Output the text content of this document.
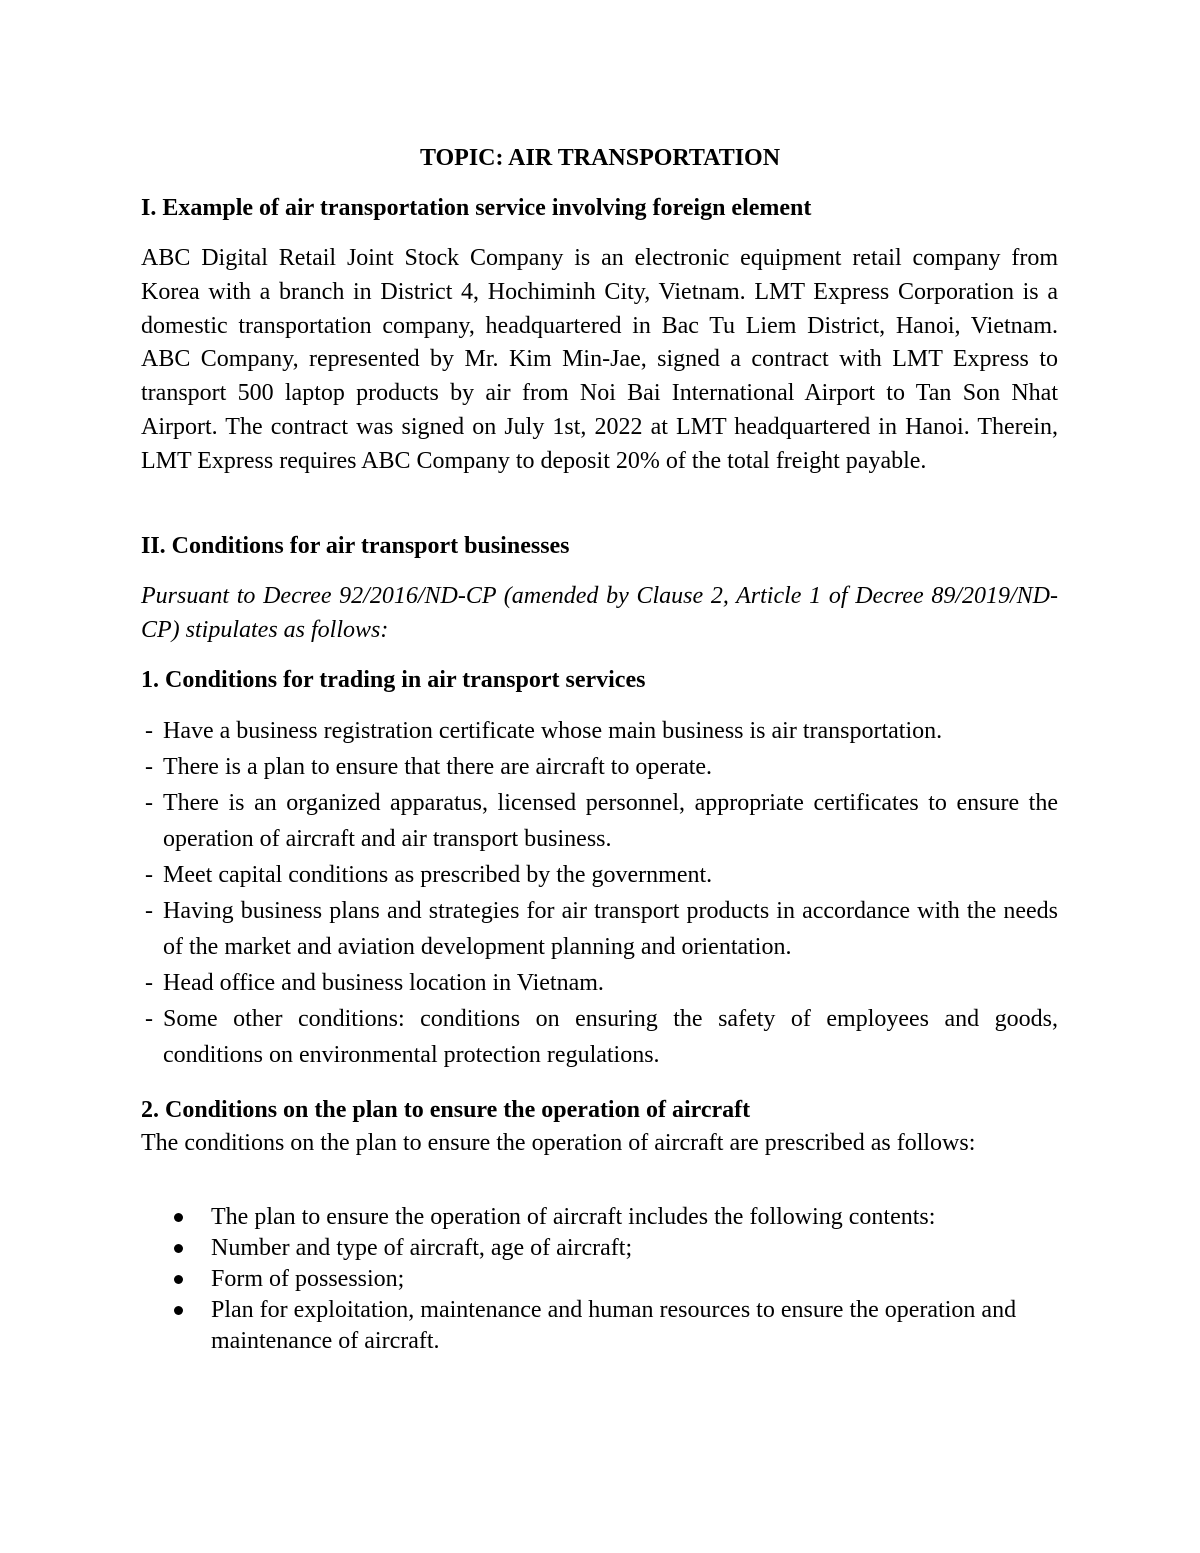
TOPIC: AIR TRANSPORTATION
I. Example of air transportation service involving foreign element
ABC Digital Retail Joint Stock Company is an electronic equipment retail company from Korea with a branch in District 4, Hochiminh City, Vietnam. LMT Express Corporation is a domestic transportation company, headquartered in Bac Tu Liem District, Hanoi, Vietnam. ABC Company, represented by Mr. Kim Min-Jae, signed a contract with LMT Express to transport 500 laptop products by air from Noi Bai International Airport to Tan Son Nhat Airport. The contract was signed on July 1st, 2022 at LMT headquartered in Hanoi. Therein, LMT Express requires ABC Company to deposit 20% of the total freight payable.
II. Conditions for air transport businesses
Pursuant to Decree 92/2016/ND-CP (amended by Clause 2, Article 1 of Decree 89/2019/ND-CP) stipulates as follows:
1. Conditions for trading in air transport services
- Have a business registration certificate whose main business is air transportation.
- There is a plan to ensure that there are aircraft to operate.
- There is an organized apparatus, licensed personnel, appropriate certificates to ensure the operation of aircraft and air transport business.
- Meet capital conditions as prescribed by the government.
- Having business plans and strategies for air transport products in accordance with the needs of the market and aviation development planning and orientation.
- Head office and business location in Vietnam.
- Some other conditions: conditions on ensuring the safety of employees and goods, conditions on environmental protection regulations.
2. Conditions on the plan to ensure the operation of aircraft
The conditions on the plan to ensure the operation of aircraft are prescribed as follows:
The plan to ensure the operation of aircraft includes the following contents:
Number and type of aircraft, age of aircraft;
Form of possession;
Plan for exploitation, maintenance and human resources to ensure the operation and maintenance of aircraft.
